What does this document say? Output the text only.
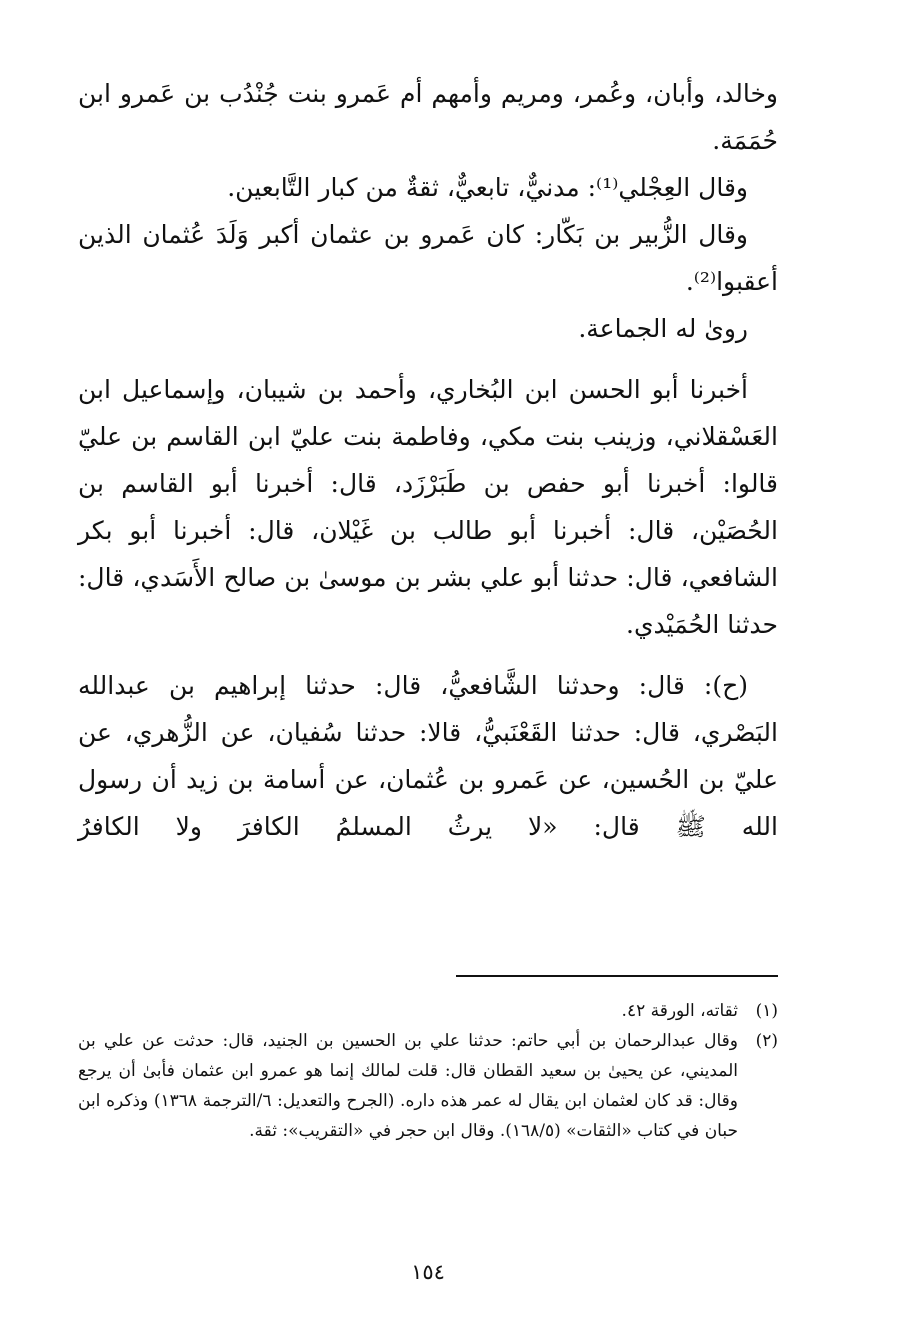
وخالد، وأبان، وعُمر، ومريم وأمهم أم عَمرو بنت جُنْدُب بن عَمرو ابن حُمَمَة.

وقال العِجْلي⁽¹⁾: مدنيٌّ، تابعيٌّ، ثقةٌ من كبار التَّابعين.

وقال الزُّبير بن بَكّار: كان عَمرو بن عثمان أكبر وَلَدَ عُثمان الذين أعقبوا⁽²⁾.

روىٰ له الجماعة.

أخبرنا أبو الحسن ابن البُخاري، وأحمد بن شيبان، وإسماعيل ابن العَسْقلاني، وزينب بنت مكي، وفاطمة بنت عليّ ابن القاسم بن عليّ قالوا: أخبرنا أبو حفص بن طَبَرْزَد، قال: أخبرنا أبو القاسم بن الحُصَيْن، قال: أخبرنا أبو طالب بن غَيْلان، قال: أخبرنا أبو بكر الشافعي، قال: حدثنا أبو علي بشر بن موسىٰ بن صالح الأَسَدي، قال: حدثنا الحُمَيْدي.

(ح): قال: وحدثنا الشَّافعيُّ، قال: حدثنا إبراهيم بن عبدالله البَصْري، قال: حدثنا القَعْنَبيُّ، قالا: حدثنا سُفيان، عن الزُّهري، عن عليّ بن الحُسين، عن عَمرو بن عُثمان، عن أسامة بن زيد أن رسول الله ﷺ قال: «لا يرثُ المسلمُ الكافرَ ولا الكافرُ

(١)
ثقاته، الورقة ٤٢.
(٢)
وقال عبدالرحمان بن أبي حاتم: حدثنا علي بن الحسين بن الجنيد، قال: حدثت عن علي بن المديني، عن يحيىٰ بن سعيد القطان قال: قلت لمالك إنما هو عمرو ابن عثمان فأبىٰ أن يرجع وقال: قد كان لعثمان ابن يقال له عمر هذه داره. (الجرح والتعديل: ٦/الترجمة ١٣٦٨) وذكره ابن حبان في كتاب «الثقات» (١٦٨/٥). وقال ابن حجر في «التقريب»: ثقة.
١٥٤
